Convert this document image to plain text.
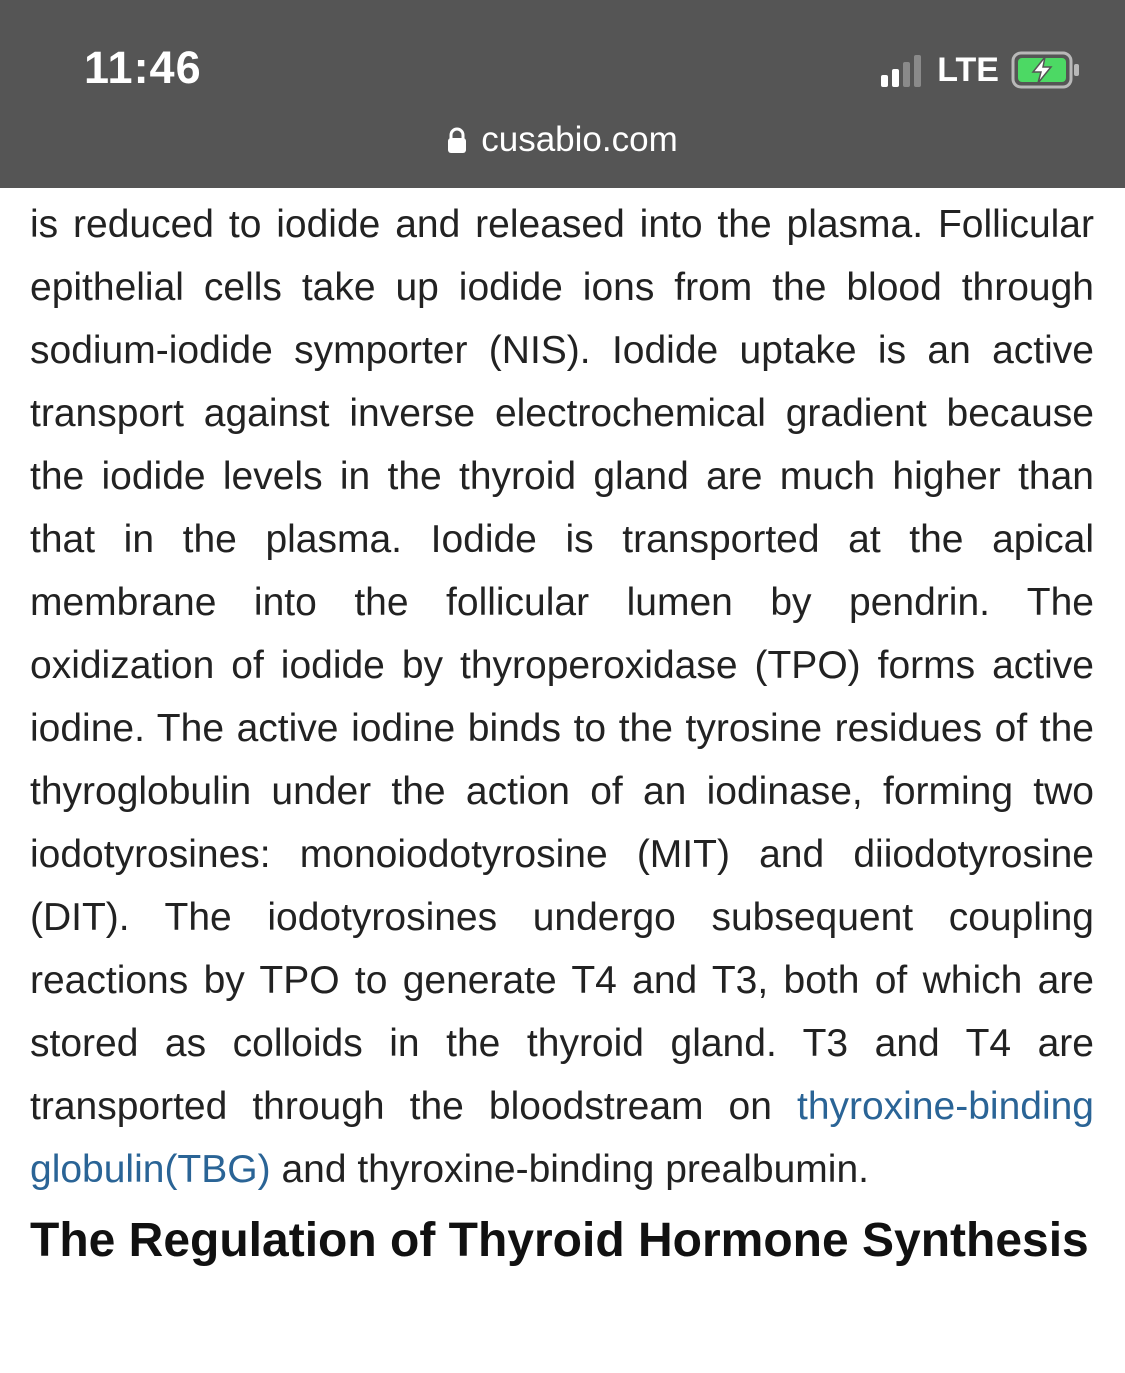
11:46	LTE
cusabio.com

is reduced to iodide and released into the plasma. Follicular epithelial cells take up iodide ions from the blood through sodium-iodide symporter (NIS). Iodide uptake is an active transport against inverse electrochemical gradient because the iodide levels in the thyroid gland are much higher than that in the plasma. Iodide is transported at the apical membrane into the follicular lumen by pendrin. The oxidization of iodide by thyroperoxidase (TPO) forms active iodine. The active iodine binds to the tyrosine residues of the thyroglobulin under the action of an iodinase, forming two iodotyrosines: monoiodotyrosine (MIT) and diiodotyrosine (DIT). The iodotyrosines undergo subsequent coupling reactions by TPO to generate T4 and T3, both of which are stored as colloids in the thyroid gland. T3 and T4 are transported through the bloodstream on thyroxine-binding globulin(TBG) and thyroxine-binding prealbumin.

The Regulation of Thyroid Hormone Synthesis
